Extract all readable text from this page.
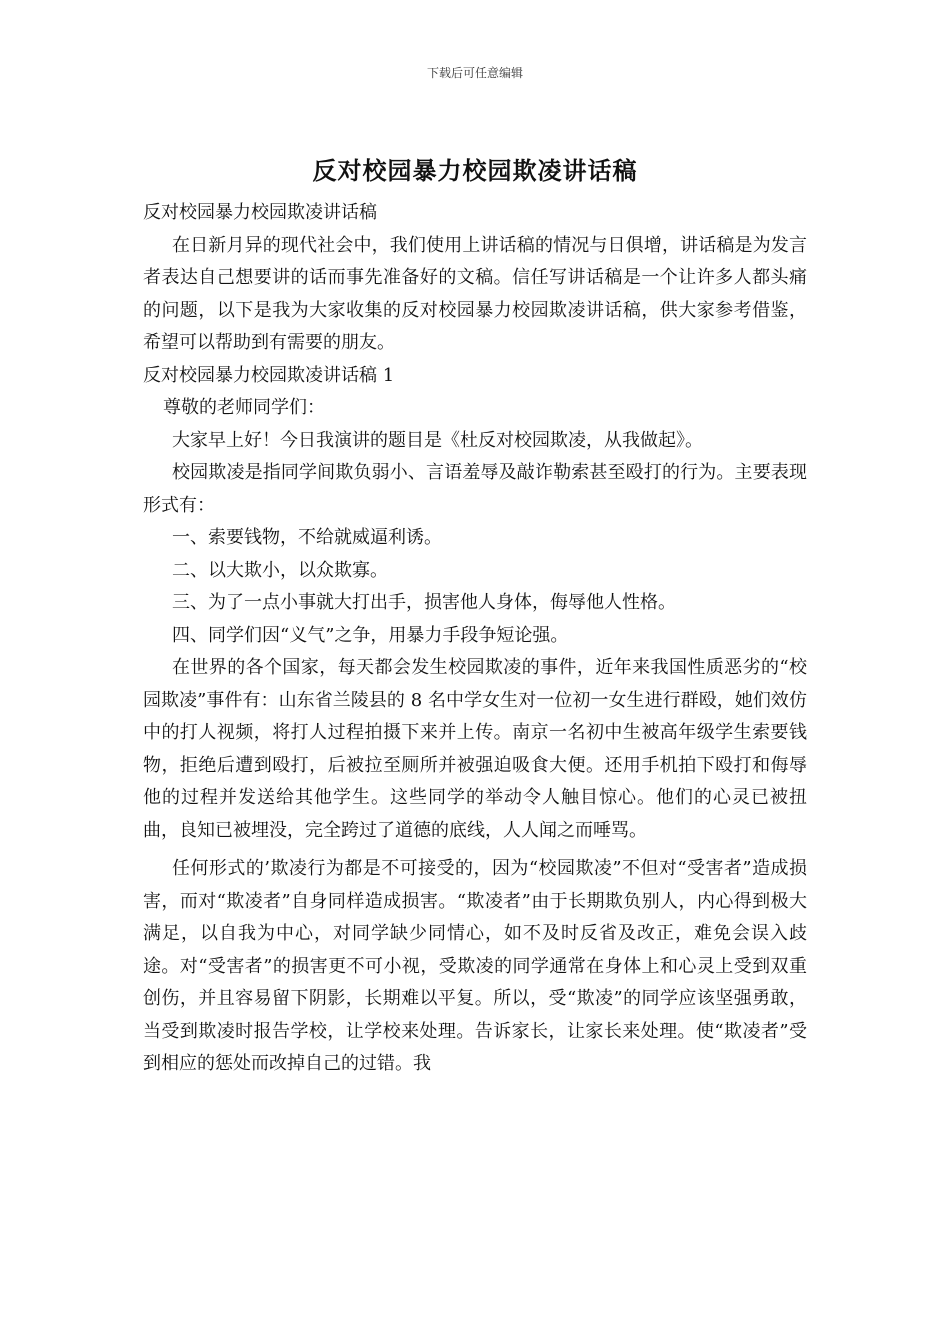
下载后可任意编辑
反对校园暴力校园欺凌讲话稿

反对校园暴力校园欺凌讲话稿

在日新月异的现代社会中，我们使用上讲话稿的情况与日俱增，讲话稿是为发言者表达自己想要讲的话而事先准备好的文稿。信任写讲话稿是一个让许多人都头痛的问题，以下是我为大家收集的反对校园暴力校园欺凌讲话稿，供大家参考借鉴，希望可以帮助到有需要的朋友。

反对校园暴力校园欺凌讲话稿 1

尊敬的老师同学们：

大家早上好！今日我演讲的题目是《杜反对校园欺凌，从我做起》。

校园欺凌是指同学间欺负弱小、言语羞辱及敲诈勒索甚至殴打的行为。主要表现形式有：

一、索要钱物，不给就威逼利诱。

二、以大欺小，以众欺寡。

三、为了一点小事就大打出手，损害他人身体，侮辱他人性格。

四、同学们因“义气”之争，用暴力手段争短论强。

在世界的各个国家，每天都会发生校园欺凌的事件，近年来我国性质恶劣的“校园欺凌”事件有：山东省兰陵县的 8 名中学女生对一位初一女生进行群殴，她们效仿中的打人视频，将打人过程拍摄下来并上传。南京一名初中生被高年级学生索要钱物，拒绝后遭到殴打，后被拉至厕所并被强迫吸食大便。还用手机拍下殴打和侮辱他的过程并发送给其他学生。这些同学的举动令人触目惊心。他们的心灵已被扭曲，良知已被埋没，完全跨过了道德的底线，人人闻之而唾骂。

任何形式的’欺凌行为都是不可接受的，因为“校园欺凌”不但对“受害者”造成损害，而对“欺凌者”自身同样造成损害。“欺凌者”由于长期欺负别人，内心得到极大满足，以自我为中心，对同学缺少同情心，如不及时反省及改正，难免会误入歧途。对“受害者”的损害更不可小视，受欺凌的同学通常在身体上和心灵上受到双重创伤，并且容易留下阴影，长期难以平复。所以，受“欺凌”的同学应该坚强勇敢，当受到欺凌时报告学校，让学校来处理。告诉家长，让家长来处理。使“欺凌者”受到相应的惩处而改掉自己的过错。我
